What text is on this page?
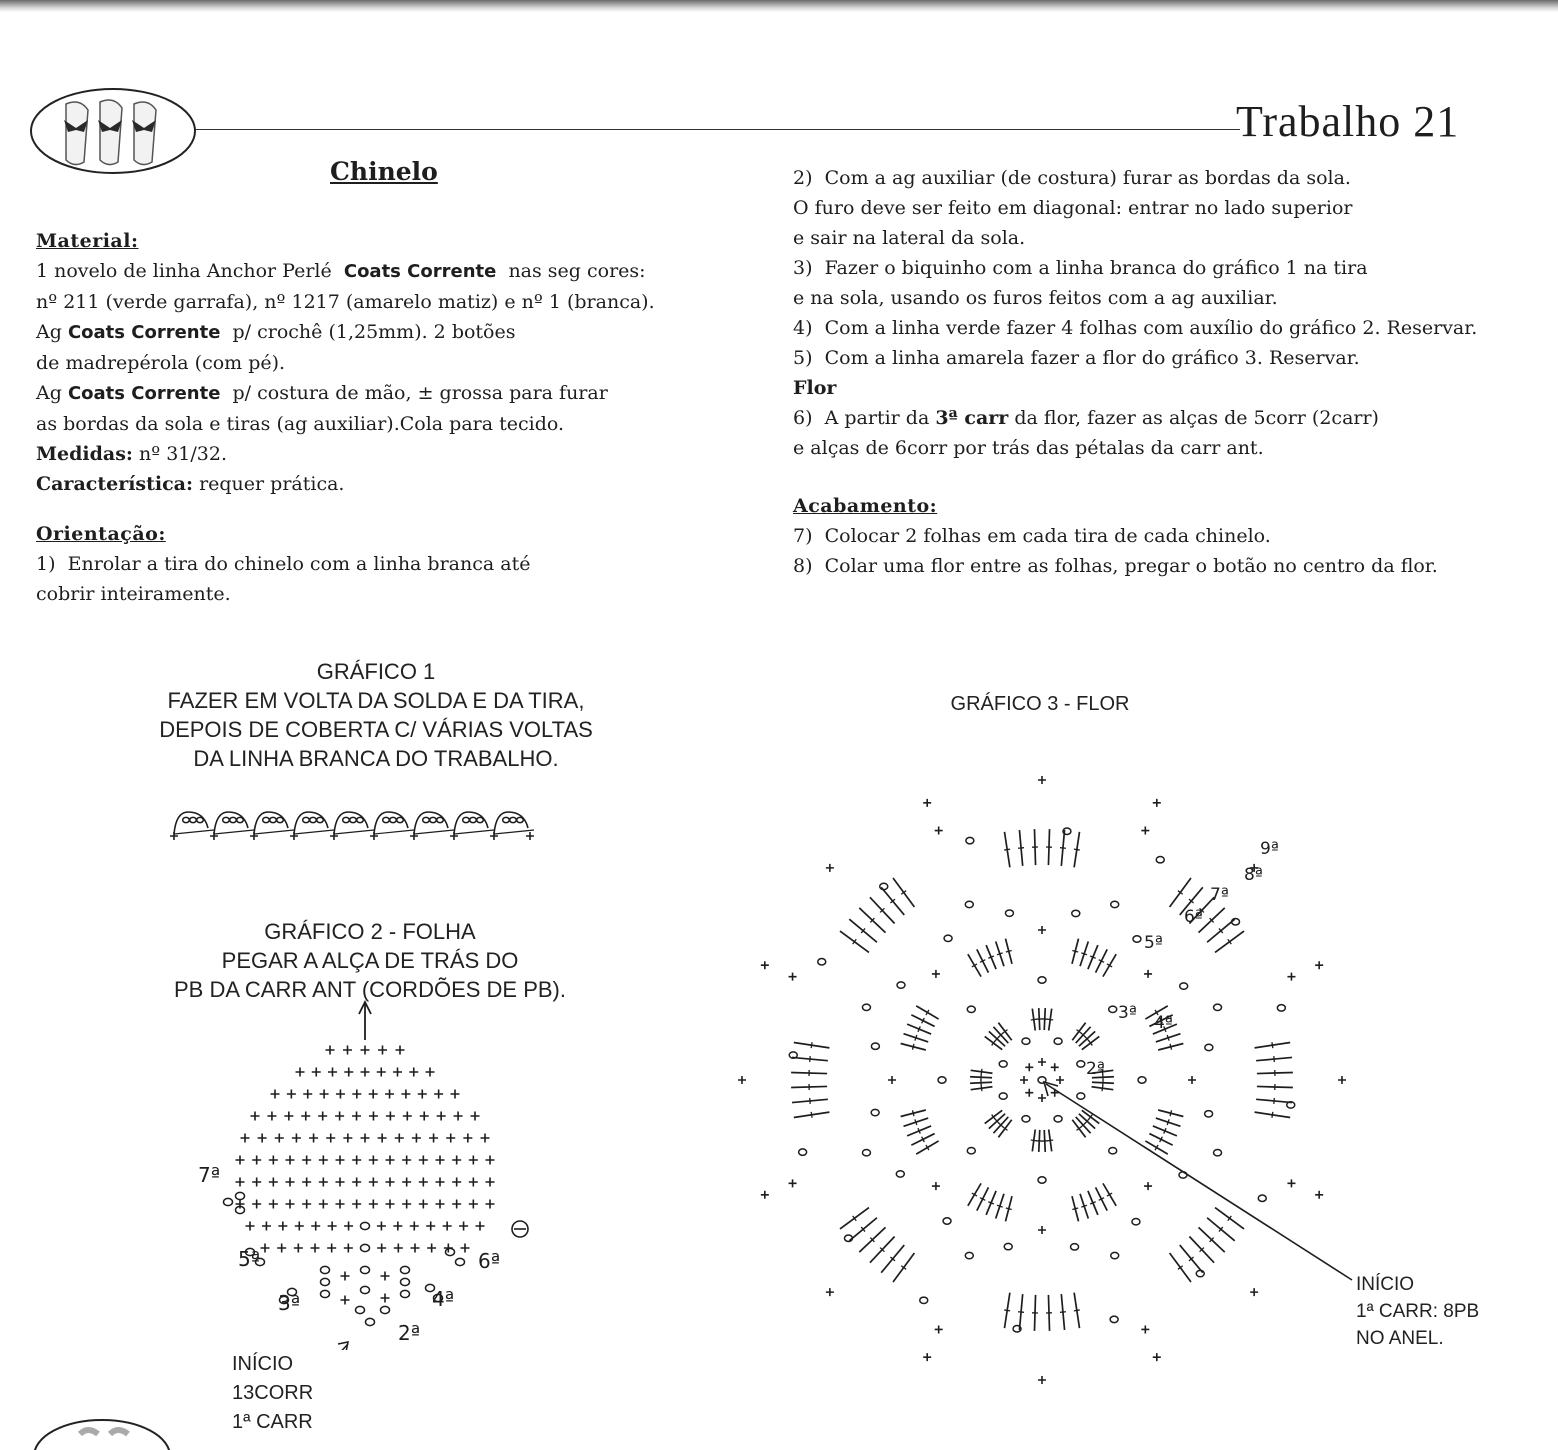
Trabalho 21
Chinelo

Material:

1 novelo de linha Anchor Perlé Coats Corrente nas seg cores:

nº 211 (verde garrafa), nº 1217 (amarelo matiz) e nº 1 (branca).

Ag Coats Corrente p/ crochê (1,25mm). 2 botões

de madrepérola (com pé).

Ag Coats Corrente p/ costura de mão, ± grossa para furar

as bordas da sola e tiras (ag auxiliar).Cola para tecido.

Medidas: nº 31/32.

Característica: requer prática.

Orientação:

1) Enrolar a tira do chinelo com a linha branca até

cobrir inteiramente.

2) Com a ag auxiliar (de costura) furar as bordas da sola.

O furo deve ser feito em diagonal: entrar no lado superior

e sair na lateral da sola.

3) Fazer o biquinho com a linha branca do gráfico 1 na tira

e na sola, usando os furos feitos com a ag auxiliar.

4) Com a linha verde fazer 4 folhas com auxílio do gráfico 2. Reservar.

5) Com a linha amarela fazer a flor do gráfico 3. Reservar.

Flor

6) A partir da 3ª carr da flor, fazer as alças de 5corr (2carr)

e alças de 6corr por trás das pétalas da carr ant.

Acabamento:

7) Colocar 2 folhas em cada tira de cada chinelo.

8) Colar uma flor entre as folhas, pregar o botão no centro da flor.

GRÁFICO 1
FAZER EM VOLTA DA SOLDA E DA TIRA,
DEPOIS DE COBERTA C/ VÁRIAS VOLTAS
DA LINHA BRANCA DO TRABALHO.
GRÁFICO 2 - FOLHA
PEGAR A ALÇA DE TRÁS DO
PB DA CARR ANT (CORDÕES DE PB).
2ª
3ª	4ª
5ª	6ª
7ª
INÍCIO
13CORR
1ª CARR
GRÁFICO 3 - FLOR
2ª
3ª 4ª
5ª
6ª
7ª
8ª
9ª
INÍCIO
1ª CARR: 8PB
NO ANEL.
